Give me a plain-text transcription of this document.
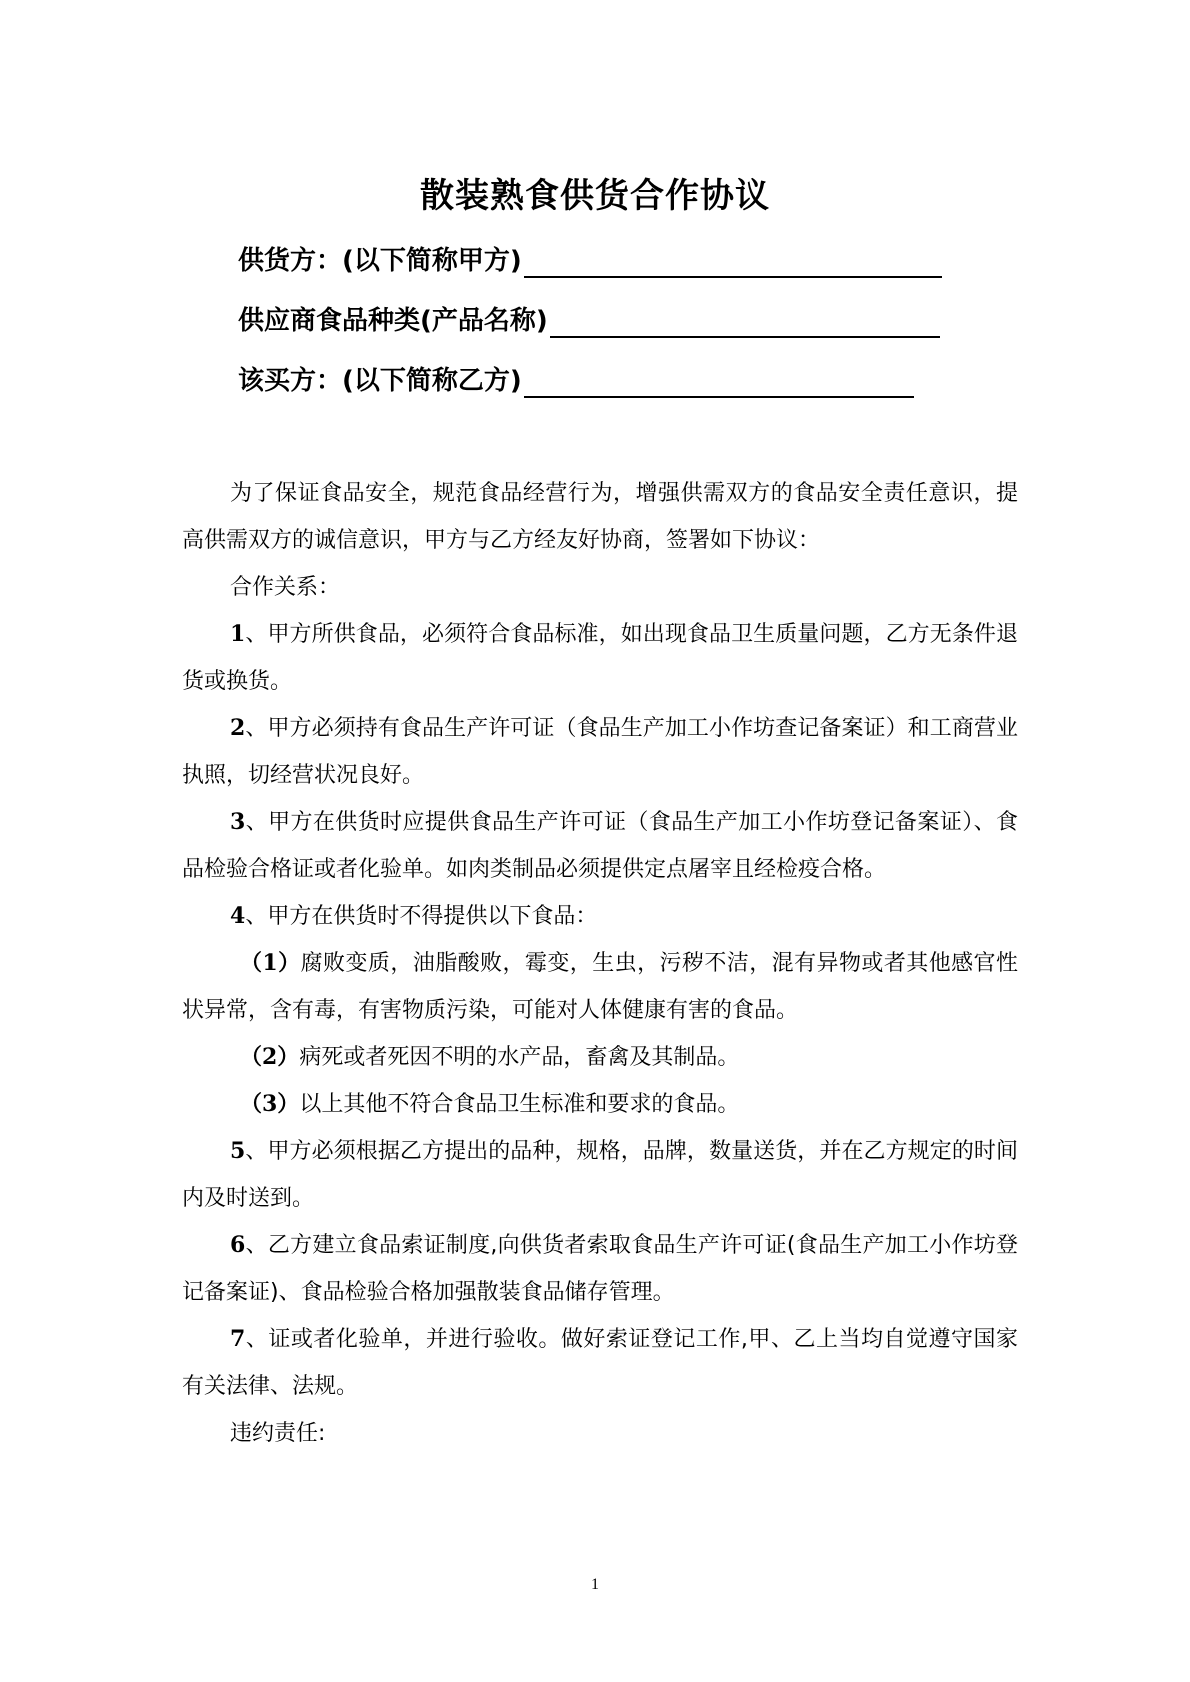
散装熟食供货合作协议
供货方：(以下简称甲方)
供应商食品种类(产品名称)
该买方：(以下简称乙方)

为了保证食品安全，规范食品经营行为，增强供需双方的食品安全责任意识，提高供需双方的诚信意识，甲方与乙方经友好协商，签署如下协议：

合作关系：

1、甲方所供食品，必须符合食品标准，如出现食品卫生质量问题，乙方无条件退货或换货。

2、甲方必须持有食品生产许可证（食品生产加工小作坊查记备案证）和工商营业执照，切经营状况良好。

3、甲方在供货时应提供食品生产许可证（食品生产加工小作坊登记备案证）、食品检验合格证或者化验单。如肉类制品必须提供定点屠宰且经检疫合格。

4、甲方在供货时不得提供以下食品：

（1）腐败变质，油脂酸败，霉变，生虫，污秽不洁，混有异物或者其他感官性状异常，含有毒，有害物质污染，可能对人体健康有害的食品。

（2）病死或者死因不明的水产品，畜禽及其制品。

（3）以上其他不符合食品卫生标准和要求的食品。

5、甲方必须根据乙方提出的品种，规格，品牌，数量送货，并在乙方规定的时间内及时送到。

6、乙方建立食品索证制度,向供货者索取食品生产许可证(食品生产加工小作坊登记备案证)、食品检验合格加强散装食品储存管理。

7、证或者化验单，并进行验收。做好索证登记工作,甲、乙上当均自觉遵守国家有关法律、法规。

违约责任:

1
